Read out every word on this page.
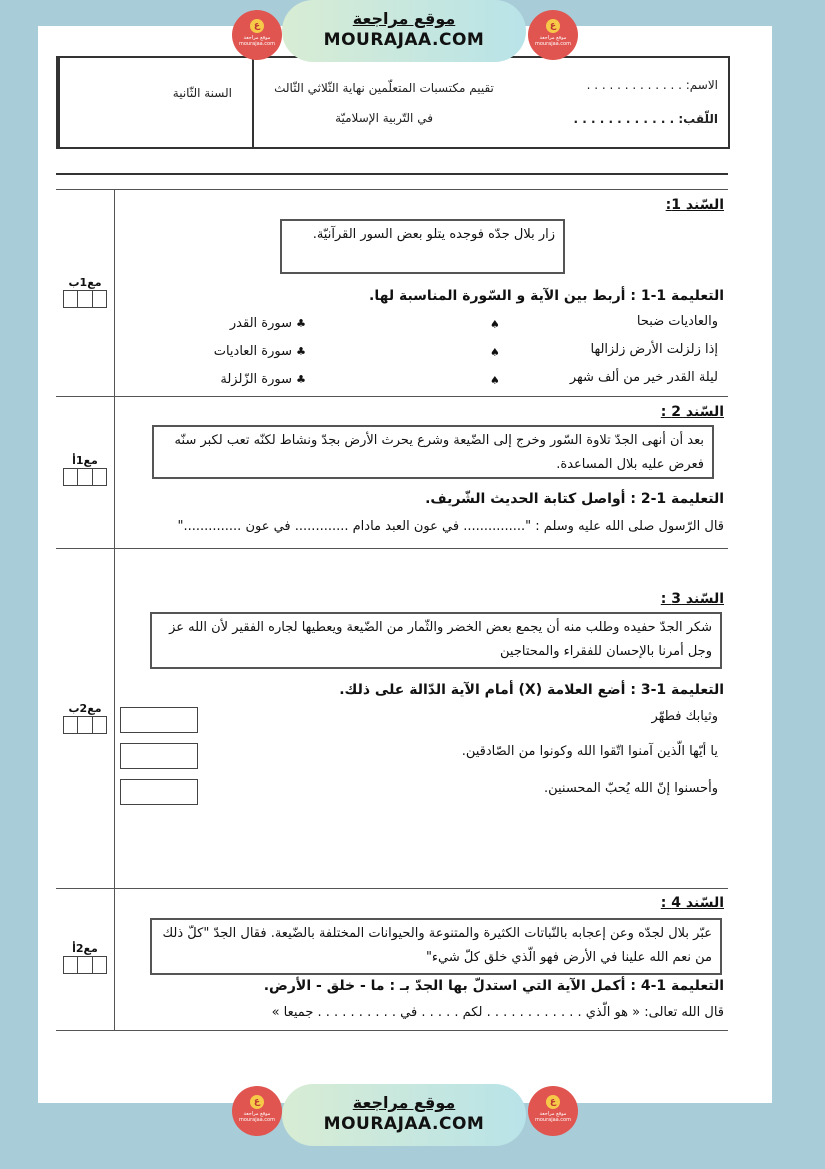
موقع مراجعة
MOURAJAA.COM
ع
موقع مراجعة mourajaa.com
ع
موقع مراجعة mourajaa.com
موقع مراجعة
MOURAJAA.COM
ع
موقع مراجعة mourajaa.com
ع
موقع مراجعة mourajaa.com
الاسم: . . . . . . . . . . . . .
اللّقب: . . . . . . . . . . . .
تقييم مكتسبات المتعلّمين نهاية الثّلاثي الثّالث
في التّربية الإسلاميّة
السنة الثّانية
السّند 1:
زار بلال جدّه فوجده يتلو بعض السور القرآنيّة.
التعليمة 1-1 : أربط بين الآية و السّورة المناسبة لها.
والعاديات ضبحا
إذا زلزلت الأرض زلزالها
ليلة القدر خير من ألف شهر
♠
♠
♠
♣ سورة القدر
♣ سورة العاديات
♣ سورة الزّلزلة
مع1ب
السّند 2 :
بعد أن أنهى الجدّ تلاوة السّور وخرج إلى الضّيعة وشرع يحرث الأرض بجدّ ونشاط لكنّه تعب لكبر سنّه فعرض عليه بلال المساعدة.
التعليمة 1-2 : أواصل كتابة الحديث الشّريف.
قال الرّسول صلى الله عليه وسلم : "............... في عون العبد مادام ............. في عون .............."
مع1أ
السّند 3 :
شكر الجدّ حفيده وطلب منه أن يجمع بعض الخضر والثّمار من الضّيعة ويعطيها لجاره الفقير لأن الله عز وجل أمرنا بالإحسان للفقراء والمحتاجين
التعليمة 1-3 : أضع العلامة (X) أمام الآية الدّالة على ذلك.
وثيابك فطهّر
يا أيّها الّذين آمنوا اتّقوا الله وكونوا من الصّادقين.
وأحسنوا إنّ الله يُحبّ المحسنين.
مع2ب
السّند 4 :
عبّر بلال لجدّه وعن إعجابه بالنّباتات الكثيرة والمتنوعة والحيوانات المختلفة بالضّيعة. فقال الجدّ "كلّ ذلك من نعم الله علينا في الأرض فهو الّذي خلق كلّ شيء"
التعليمة 1-4 : أكمل الآية التي استدلّ بها الجدّ بـ : ما - خلق - الأرض.
قال الله تعالى: « هو الّذي . . . . . . . . . . . . لكم . . . . . في . . . . . . . . . . جميعا »
مع2أ
